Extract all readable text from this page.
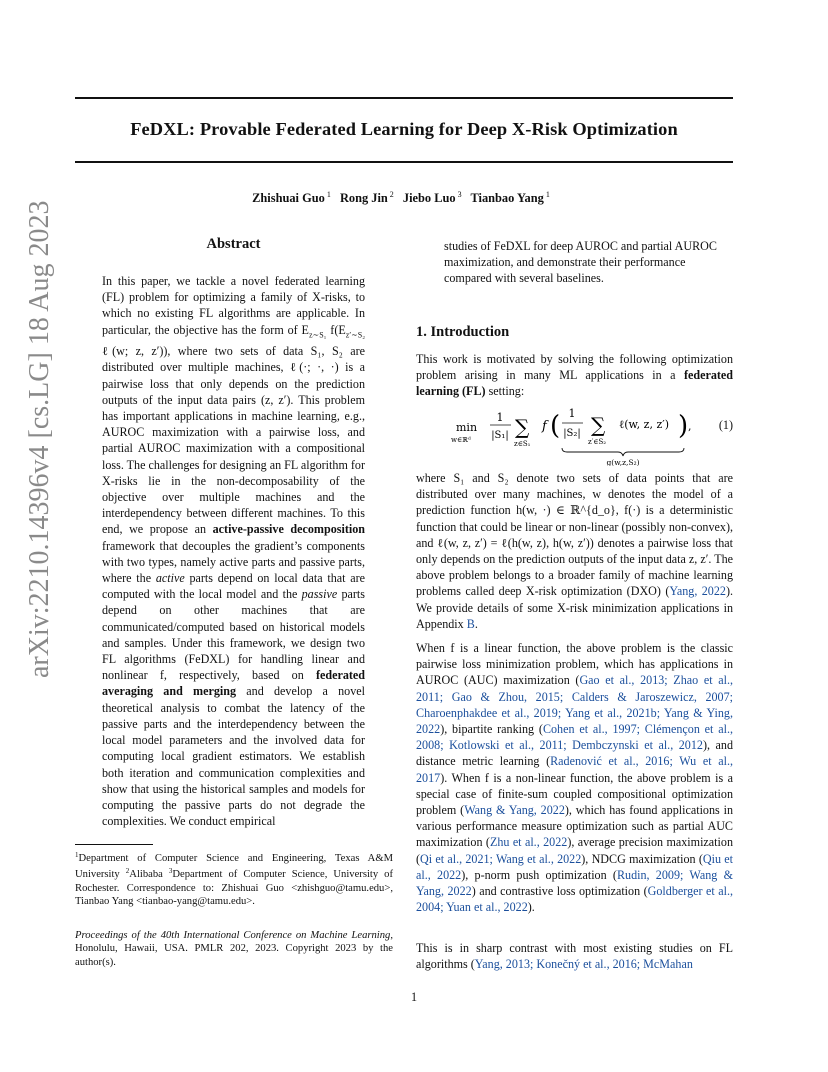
arXiv:2210.14396v4 [cs.LG] 18 Aug 2023
FeDXL: Provable Federated Learning for Deep X-Risk Optimization
Zhishuai Guo $^1$ Rong Jin $^2$ Jiebo Luo $^3$ Tianbao Yang $^1$
Abstract
In this paper, we tackle a novel federated learning (FL) problem for optimizing a family of X-risks, to which no existing FL algorithms are applicable. In particular, the objective has the form of $E_{z\sim S_1}$ $f(E_{z'\sim S_2}$ ℓ(w; z, z′)), where two sets of data S₁, S₂ are distributed over multiple machines, ℓ(·; ·, ·) is a pairwise loss that only depends on the prediction outputs of the input data pairs (z, z′). This problem has important applications in machine learning, e.g., AUROC maximization with a pairwise loss, and partial AUROC maximization with a compositional loss. The challenges for designing an FL algorithm for X-risks lie in the non-decomposability of the objective over multiple machines and the interdependency between different machines. To this end, we propose an active-passive decomposition framework that decouples the gradient’s components with two types, namely active parts and passive parts, where the active parts depend on local data that are computed with the local model and the passive parts depend on other machines that are communicated/computed based on historical models and samples. Under this framework, we design two FL algorithms (FeDXL) for handling linear and nonlinear f, respectively, based on federated averaging and merging and develop a novel theoretical analysis to combat the latency of the passive parts and the interdependency between the local model parameters and the involved data for computing local gradient estimators. We establish both iteration and communication complexities and show that using the historical samples and models for computing the passive parts do not degrade the complexities. We conduct empirical
$^1$Department of Computer Science and Engineering, Texas A&M University $^2$Alibaba $^3$Department of Computer Science, University of Rochester. Correspondence to: Zhishuai Guo <zhishguo@tamu.edu>, Tianbao Yang <tianbao-yang@tamu.edu>.
Proceedings of the 40th International Conference on Machine Learning, Honolulu, Hawaii, USA. PMLR 202, 2023. Copyright 2023 by the author(s).
studies of FeDXL for deep AUROC and partial AUROC maximization, and demonstrate their performance compared with several baselines.
1. Introduction
This work is motivated by solving the following optimization problem arising in many ML applications in a federated learning (FL) setting:
min
w∈ℝᵈ
1
|S₁| ∑
z∈S₁
f ( 1
|S₂| ∑
z′∈S₂
ℓ(w, z, z′) ) ,
g(w,z,S₂)
(1)
where S₁ and S₂ denote two sets of data points that are distributed over many machines, w denotes the model of a prediction function h(w, ·) ∈ ℝ^{d_o}, f(·) is a deterministic function that could be linear or non-linear (possibly non-convex), and ℓ(w, z, z′) = ℓ(h(w, z), h(w, z′)) denotes a pairwise loss that only depends on the prediction outputs of the input data z, z′. The above problem belongs to a broader family of machine learning problems called deep X-risk optimization (DXO) (Yang, 2022). We provide details of some X-risk minimization applications in Appendix B.
When f is a linear function, the above problem is the classic pairwise loss minimization problem, which has applications in AUROC (AUC) maximization (Gao et al., 2013; Zhao et al., 2011; Gao & Zhou, 2015; Calders & Jaroszewicz, 2007; Charoenphakdee et al., 2019; Yang et al., 2021b; Yang & Ying, 2022), bipartite ranking (Cohen et al., 1997; Clémençon et al., 2008; Kotlowski et al., 2011; Dembczynski et al., 2012), and distance metric learning (Radenović et al., 2016; Wu et al., 2017). When f is a non-linear function, the above problem is a special case of finite-sum coupled compositional optimization problem (Wang & Yang, 2022), which has found applications in various performance measure optimization such as partial AUC maximization (Zhu et al., 2022), average precision maximization (Qi et al., 2021; Wang et al., 2022), NDCG maximization (Qiu et al., 2022), p-norm push optimization (Rudin, 2009; Wang & Yang, 2022) and contrastive loss optimization (Goldberger et al., 2004; Yuan et al., 2022).
This is in sharp contrast with most existing studies on FL algorithms (Yang, 2013; Konečný et al., 2016; McMahan
1
